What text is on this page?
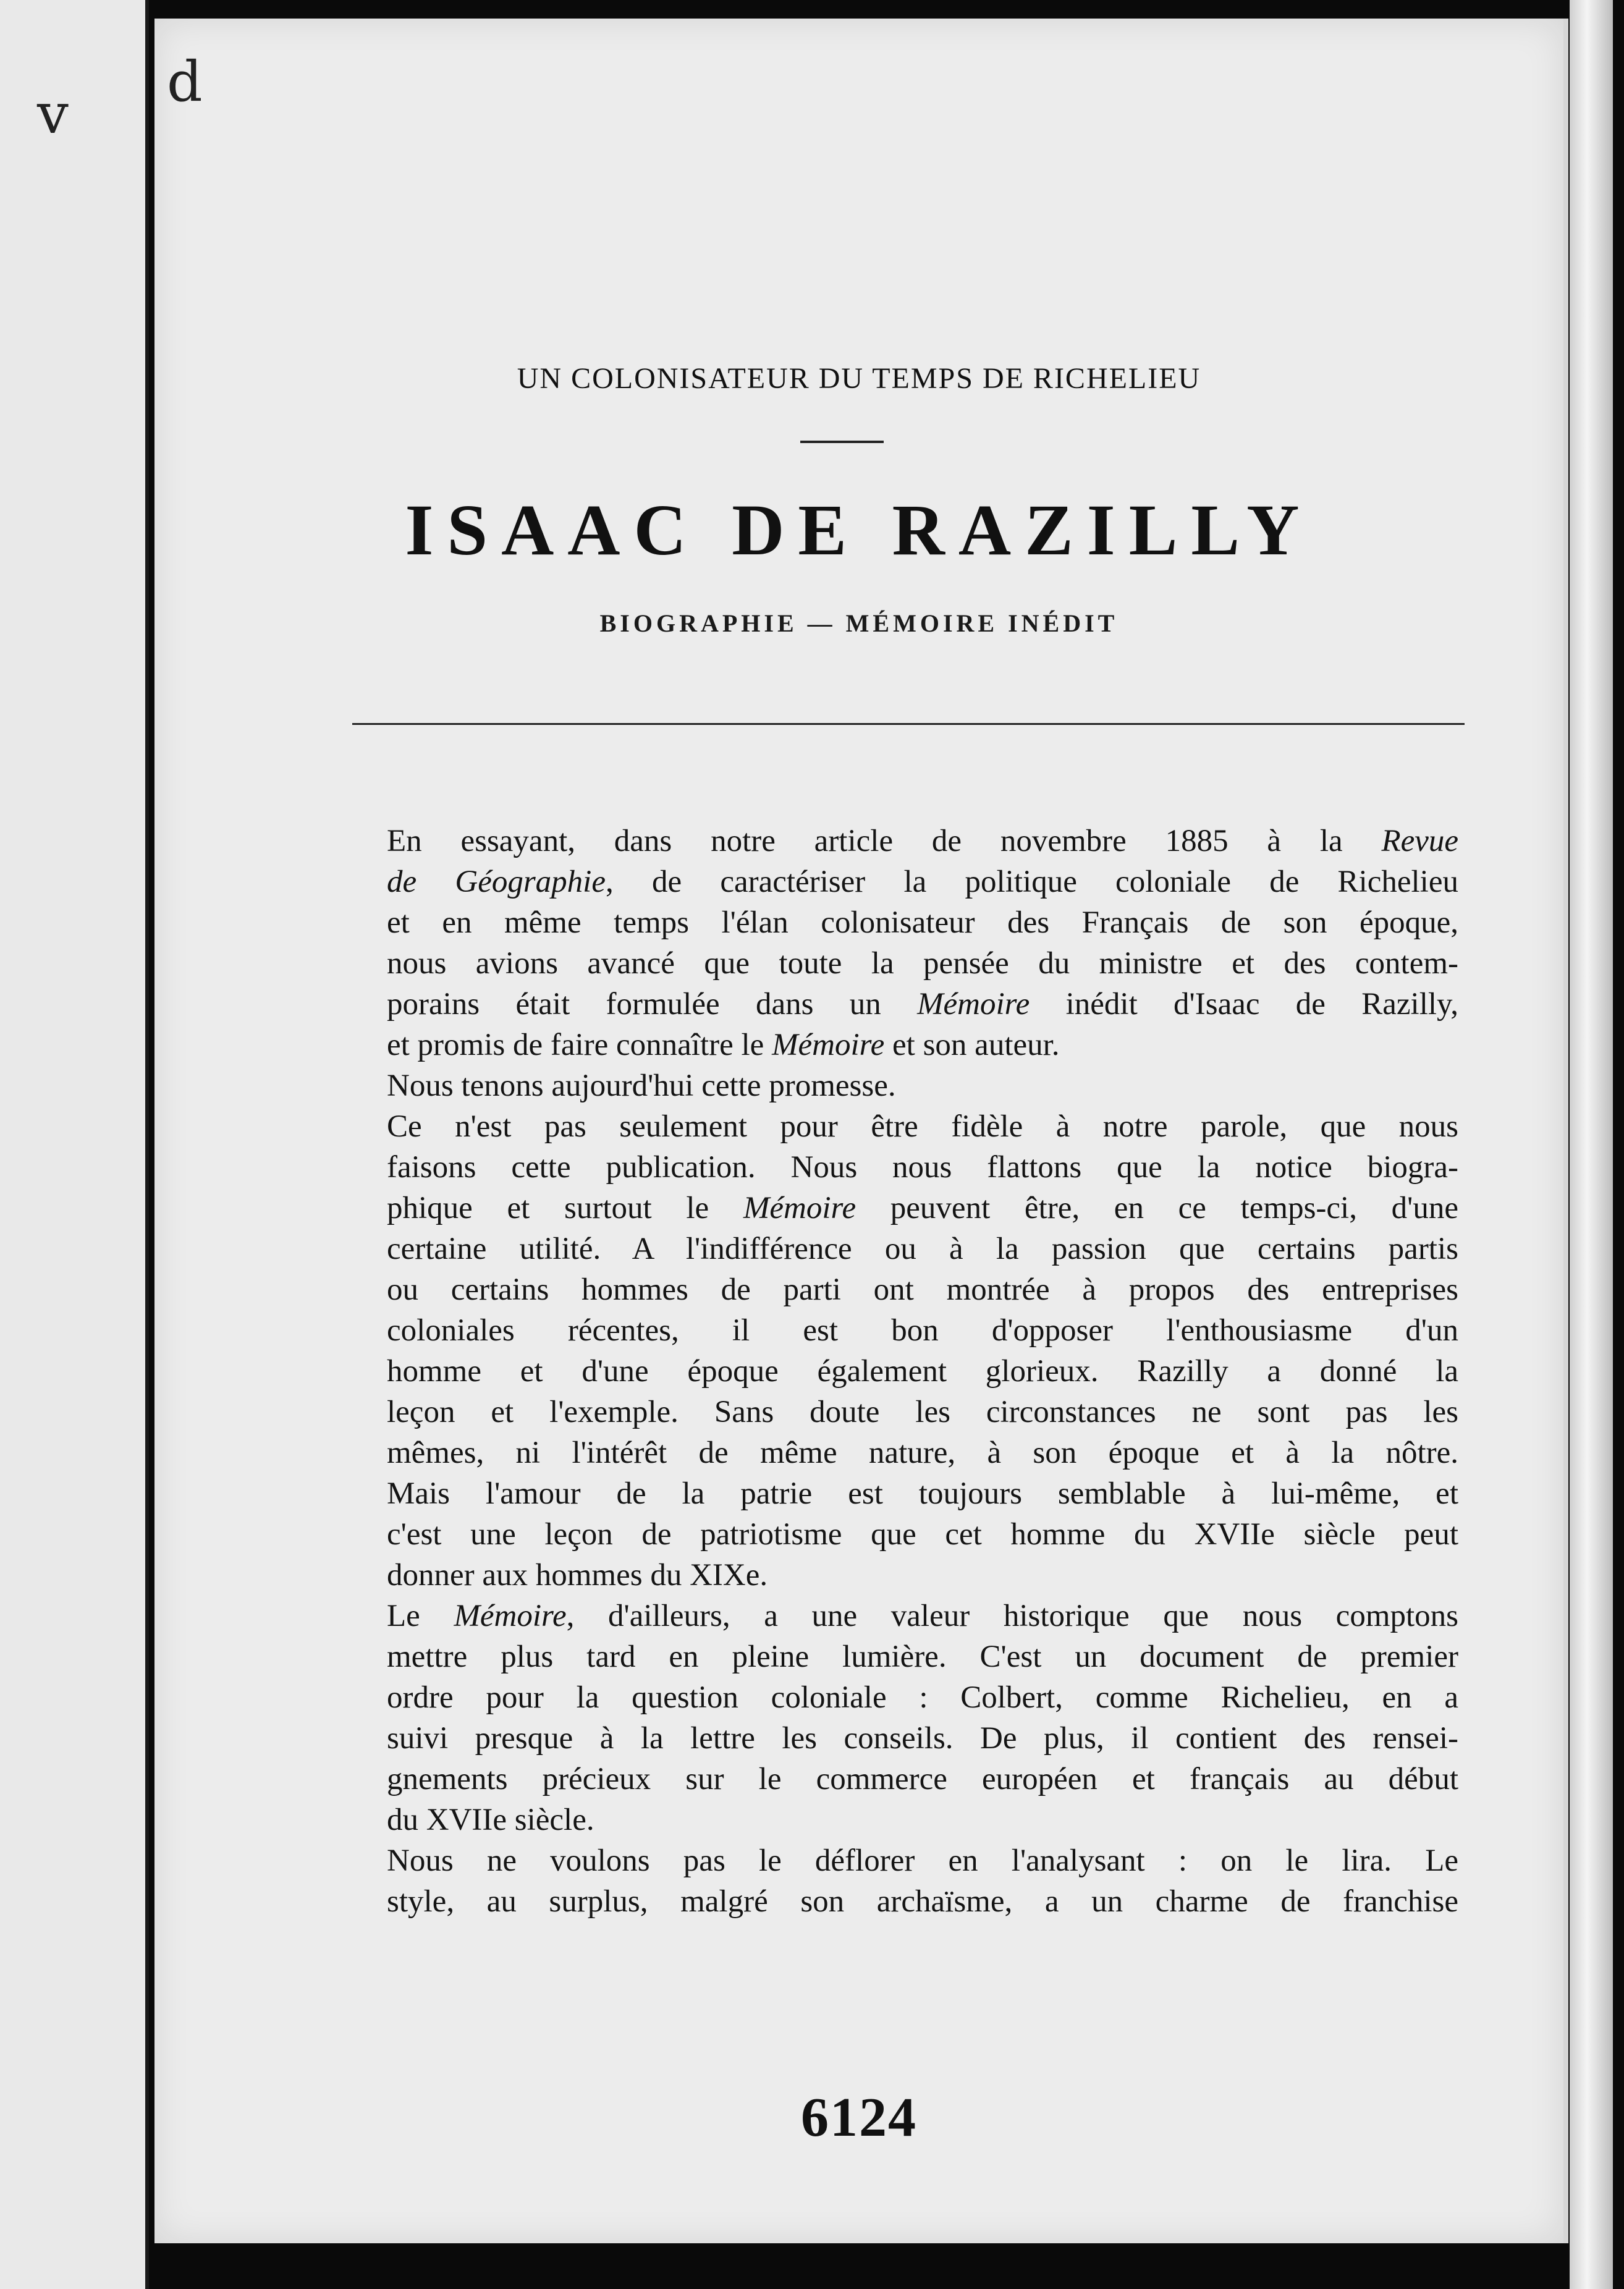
v
UN COLONISATEUR DU TEMPS DE RICHELIEU
ISAAC DE RAZILLY
BIOGRAPHIE — MÉMOIRE INÉDIT

En essayant, dans notre article de novembre 1885 à la Revue
de Géographie, de caractériser la politique coloniale de Richelieu
et en même temps l'élan colonisateur des Français de son époque,
nous avions avancé que toute la pensée du ministre et des contem-
porains était formulée dans un Mémoire inédit d'Isaac de Razilly,
et promis de faire connaître le Mémoire et son auteur.

Nous tenons aujourd'hui cette promesse.

Ce n'est pas seulement pour être fidèle à notre parole, que nous
faisons cette publication. Nous nous flattons que la notice biogra-
phique et surtout le Mémoire peuvent être, en ce temps-ci, d'une
certaine utilité. A l'indifférence ou à la passion que certains partis
ou certains hommes de parti ont montrée à propos des entreprises
coloniales récentes, il est bon d'opposer l'enthousiasme d'un
homme et d'une époque également glorieux. Razilly a donné la
leçon et l'exemple. Sans doute les circonstances ne sont pas les
mêmes, ni l'intérêt de même nature, à son époque et à la nôtre.
Mais l'amour de la patrie est toujours semblable à lui-même, et
c'est une leçon de patriotisme que cet homme du XVIIe siècle peut
donner aux hommes du XIXe.

Le Mémoire, d'ailleurs, a une valeur historique que nous comptons
mettre plus tard en pleine lumière. C'est un document de premier
ordre pour la question coloniale : Colbert, comme Richelieu, en a
suivi presque à la lettre les conseils. De plus, il contient des rensei-
gnements précieux sur le commerce européen et français au début
du XVIIe siècle.

Nous ne voulons pas le déflorer en l'analysant : on le lira. Le
style, au surplus, malgré son archaïsme, a un charme de franchise

6124
d
